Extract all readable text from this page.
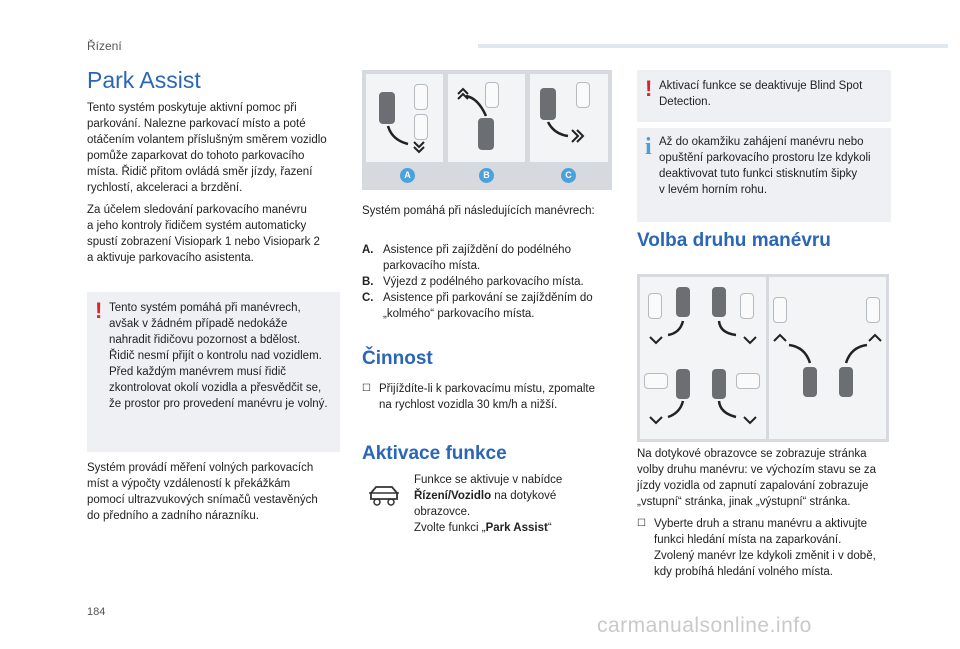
Řízení
Park Assist
Tento systém poskytuje aktivní pomoc při
parkování. Nalezne parkovací místo a poté
otáčením volantem příslušným směrem vozidlo
pomůže zaparkovat do tohoto parkovacího
místa. Řidič přitom ovládá směr jízdy, řazení
rychlostí, akceleraci a brzdění.
Za účelem sledování parkovacího manévru
a jeho kontroly řidičem systém automaticky
spustí zobrazení Visiopark 1 nebo Visiopark 2
a aktivuje parkovacího asistenta.
! Tento systém pomáhá při manévrech,
avšak v žádném případě nedokáže
nahradit řidičovu pozornost a bdělost.
Řidič nesmí přijít o kontrolu nad vozidlem.
Před každým manévrem musí řidič
zkontrolovat okolí vozidla a přesvědčit se,
že prostor pro provedení manévru je volný.
Systém provádí měření volných parkovacích
míst a výpočty vzdáleností k překážkám
pomocí ultrazvukových snímačů vestavěných
do předního a zadního nárazníku.
A	B	C
Systém pomáhá při následujících manévrech:
A. Asistence při zajíždění do podélného
parkovacího místa.
B. Výjezd z podélného parkovacího místa.
C. Asistence při parkování se zajížděním do
„kolmého“ parkovacího místa.
Činnost
☐ Přijíždíte-li k parkovacímu místu, zpomalte
na rychlost vozidla 30 km/h a nižší.
Aktivace funkce
Funkce se aktivuje v nabídce
Řízení/Vozidlo na dotykové
obrazovce.
Zvolte funkci „Park Assist“
! Aktivací funkce se deaktivuje Blind Spot
Detection.
i Až do okamžiku zahájení manévru nebo
opuštění parkovacího prostoru lze kdykoli
deaktivovat tuto funkci stisknutím šipky
v levém horním rohu.
Volba druhu manévru
Na dotykové obrazovce se zobrazuje stránka
volby druhu manévru: ve výchozím stavu se za
jízdy vozidla od zapnutí zapalování zobrazuje
„vstupní“ stránka, jinak „výstupní“ stránka.
☐ Vyberte druh a stranu manévru a aktivujte
funkci hledání místa na zaparkování.
Zvolený manévr lze kdykoli změnit i v době,
kdy probíhá hledání volného místa.
184
carmanualsonline.info
